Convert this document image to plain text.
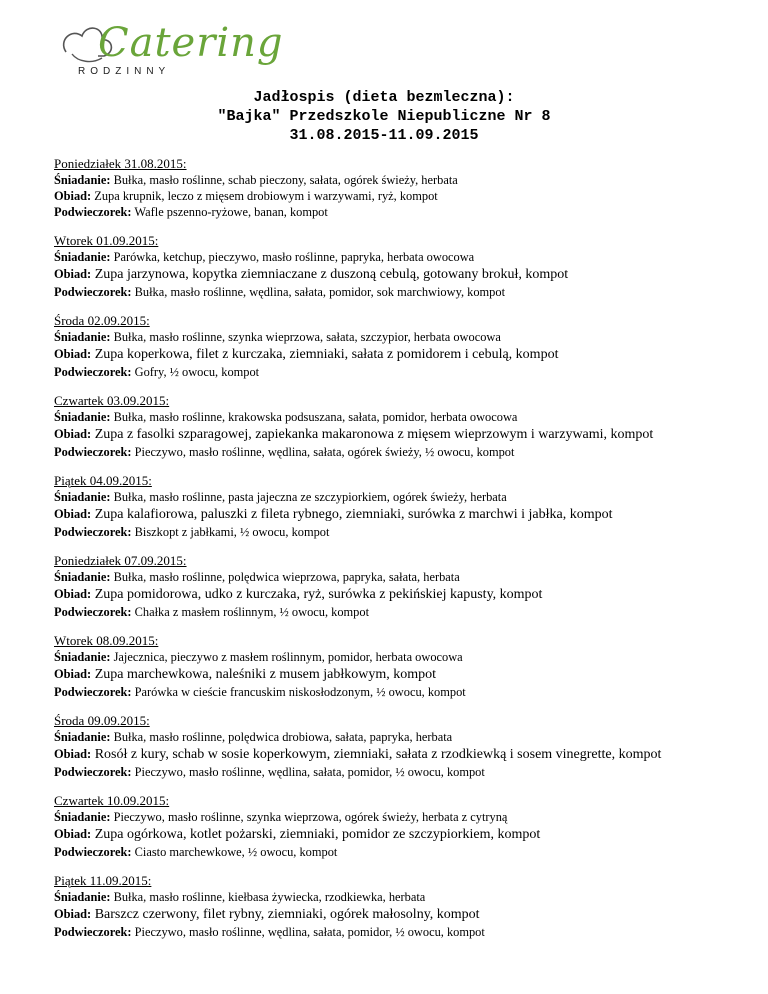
Catering
RODZINNY
Jadłospis (dieta bezmleczna):
"Bajka" Przedszkole Niepubliczne Nr 8
31.08.2015-11.09.2015
Poniedziałek 31.08.2015:
Śniadanie: Bułka, masło roślinne, schab pieczony, sałata, ogórek świeży, herbata
Obiad: Zupa krupnik, leczo z mięsem drobiowym i warzywami, ryż, kompot
Podwieczorek: Wafle pszenno-ryżowe, banan, kompot
Wtorek 01.09.2015:
Śniadanie: Parówka, ketchup, pieczywo, masło roślinne, papryka, herbata owocowa
Obiad: Zupa jarzynowa, kopytka ziemniaczane z duszoną cebulą, gotowany brokuł, kompot
Podwieczorek: Bułka, masło roślinne, wędlina, sałata, pomidor, sok marchwiowy, kompot
Środa 02.09.2015:
Śniadanie: Bułka, masło roślinne, szynka wieprzowa, sałata, szczypior, herbata owocowa
Obiad: Zupa koperkowa, filet z kurczaka, ziemniaki, sałata z pomidorem i cebulą, kompot
Podwieczorek: Gofry, ½ owocu, kompot
Czwartek 03.09.2015:
Śniadanie: Bułka, masło roślinne, krakowska podsuszana, sałata, pomidor, herbata owocowa
Obiad: Zupa z fasolki szparagowej, zapiekanka makaronowa z mięsem wieprzowym i warzywami, kompot
Podwieczorek: Pieczywo, masło roślinne, wędlina, sałata, ogórek świeży, ½ owocu, kompot
Piątek 04.09.2015:
Śniadanie: Bułka, masło roślinne, pasta jajeczna ze szczypiorkiem, ogórek świeży, herbata
Obiad: Zupa kalafiorowa, paluszki z fileta rybnego, ziemniaki, surówka z marchwi i jabłka, kompot
Podwieczorek: Biszkopt z jabłkami, ½ owocu, kompot
Poniedziałek 07.09.2015:
Śniadanie: Bułka, masło roślinne, polędwica wieprzowa, papryka, sałata, herbata
Obiad: Zupa pomidorowa, udko z kurczaka, ryż, surówka z pekińskiej kapusty, kompot
Podwieczorek: Chałka z masłem roślinnym, ½ owocu, kompot
Wtorek 08.09.2015:
Śniadanie: Jajecznica, pieczywo z masłem roślinnym, pomidor, herbata owocowa
Obiad: Zupa marchewkowa, naleśniki z musem jabłkowym, kompot
Podwieczorek: Parówka w cieście francuskim niskosłodzonym, ½ owocu, kompot
Środa 09.09.2015:
Śniadanie: Bułka, masło roślinne, polędwica drobiowa, sałata, papryka, herbata
Obiad: Rosół z kury, schab w sosie koperkowym, ziemniaki, sałata z rzodkiewką i sosem vinegrette, kompot
Podwieczorek: Pieczywo, masło roślinne, wędlina, sałata, pomidor, ½ owocu, kompot
Czwartek 10.09.2015:
Śniadanie: Pieczywo, masło roślinne, szynka wieprzowa, ogórek świeży, herbata z cytryną
Obiad: Zupa ogórkowa, kotlet pożarski, ziemniaki, pomidor ze szczypiorkiem, kompot
Podwieczorek: Ciasto marchewkowe, ½ owocu, kompot
Piątek 11.09.2015:
Śniadanie: Bułka, masło roślinne, kiełbasa żywiecka, rzodkiewka, herbata
Obiad: Barszcz czerwony, filet rybny, ziemniaki, ogórek małosolny, kompot
Podwieczorek: Pieczywo, masło roślinne, wędlina, sałata, pomidor, ½ owocu, kompot
